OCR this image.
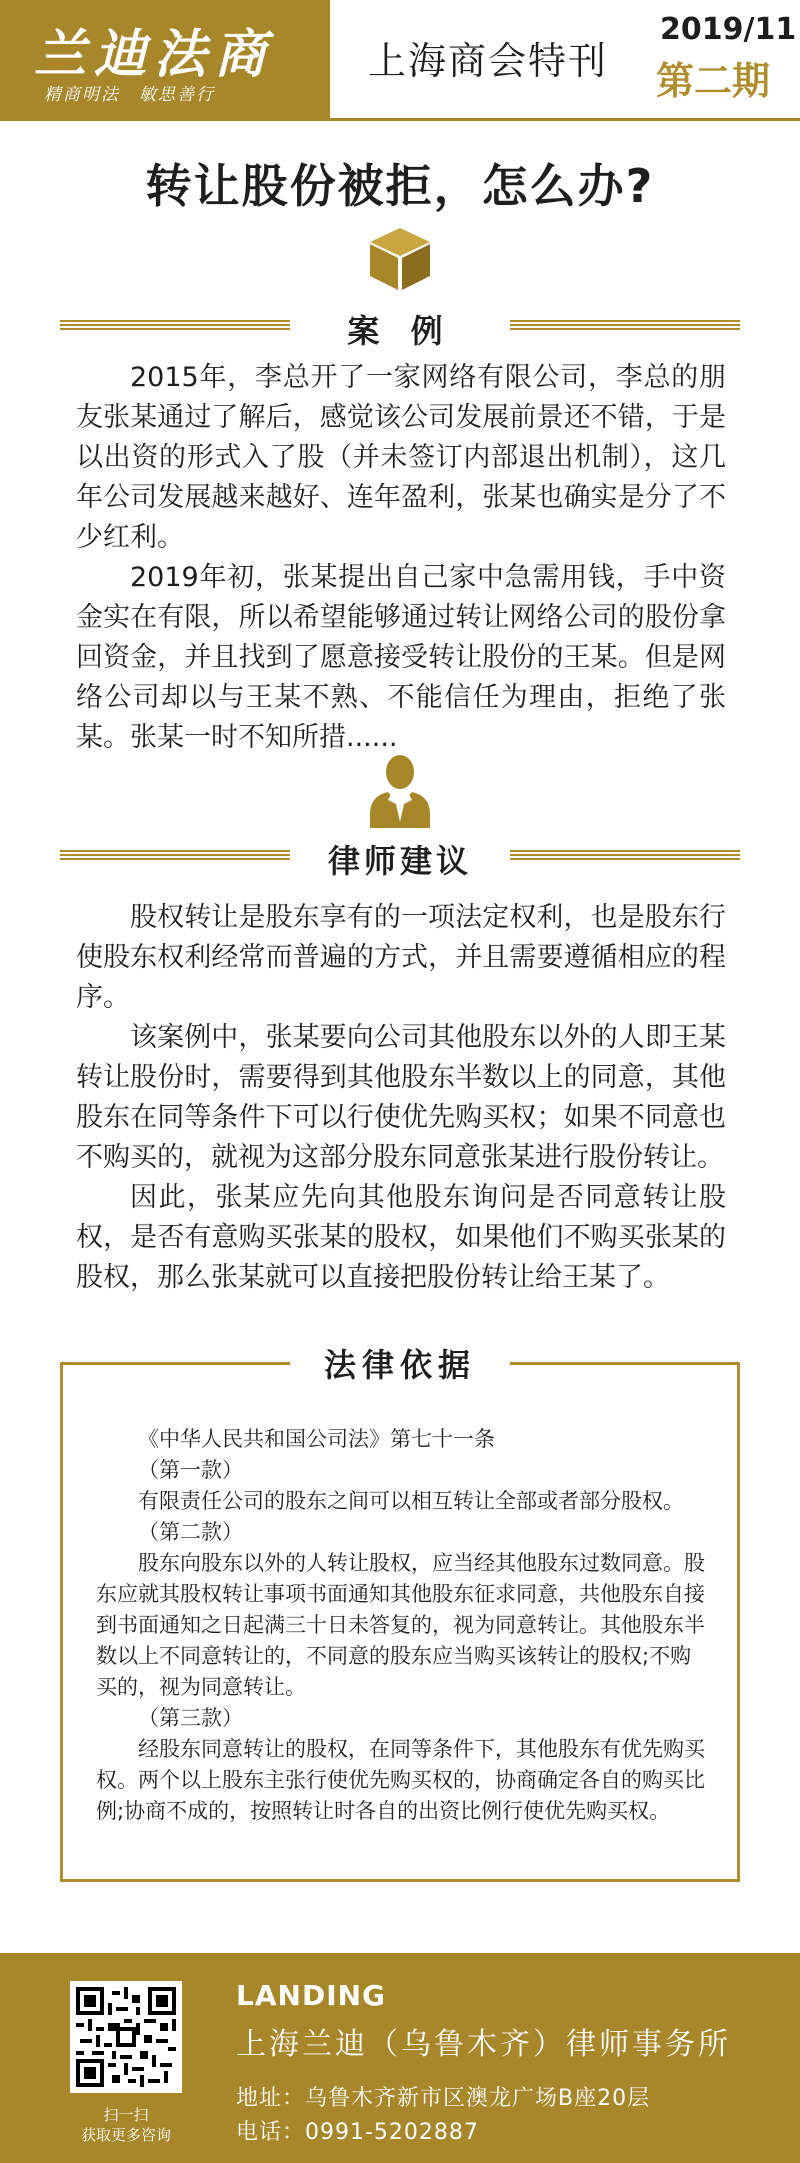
兰迪法商
精商明法　敏思善行
上海商会特刊
2019/11
第二期
转让股份被拒，怎么办?
案 例

2015年，李总开了一家网络有限公司，李总的朋友张某通过了解后，感觉该公司发展前景还不错，于是以出资的形式入了股（并未签订内部退出机制），这几年公司发展越来越好、连年盈利，张某也确实是分了不少红利。

2019年初，张某提出自己家中急需用钱，手中资金实在有限，所以希望能够通过转让网络公司的股份拿回资金，并且找到了愿意接受转让股份的王某。但是网络公司却以与王某不熟、不能信任为理由，拒绝了张某。张某一时不知所措......

律师建议

股权转让是股东享有的一项法定权利，也是股东行使股东权利经常而普遍的方式，并且需要遵循相应的程序。

该案例中，张某要向公司其他股东以外的人即王某转让股份时，需要得到其他股东半数以上的同意，其他股东在同等条件下可以行使优先购买权；如果不同意也不购买的，就视为这部分股东同意张某进行股份转让。

因此，张某应先向其他股东询问是否同意转让股权，是否有意购买张某的股权，如果他们不购买张某的股权，那么张某就可以直接把股份转让给王某了。

法律依据
《中华人民共和国公司法》第七十一条
（第一款）
有限责任公司的股东之间可以相互转让全部或者部分股权。
（第二款）
股东向股东以外的人转让股权，应当经其他股东过数同意。股东应就其股权转让事项书面通知其他股东征求同意，共他股东自接到书面通知之日起满三十日未答复的，视为同意转让。其他股东半数以上不同意转让的，不同意的股东应当购买该转让的股权;不购买的，视为同意转让。
（第三款）
经股东同意转让的股权，在同等条件下，其他股东有优先购买权。两个以上股东主张行使优先购买权的，协商确定各自的购买比例;协商不成的，按照转让时各自的出资比例行使优先购买权。
扫一扫
获取更多咨询
LANDING
上海兰迪（乌鲁木齐）律师事务所
地址：乌鲁木齐新市区澳龙广场B座20层
电话：0991-5202887
